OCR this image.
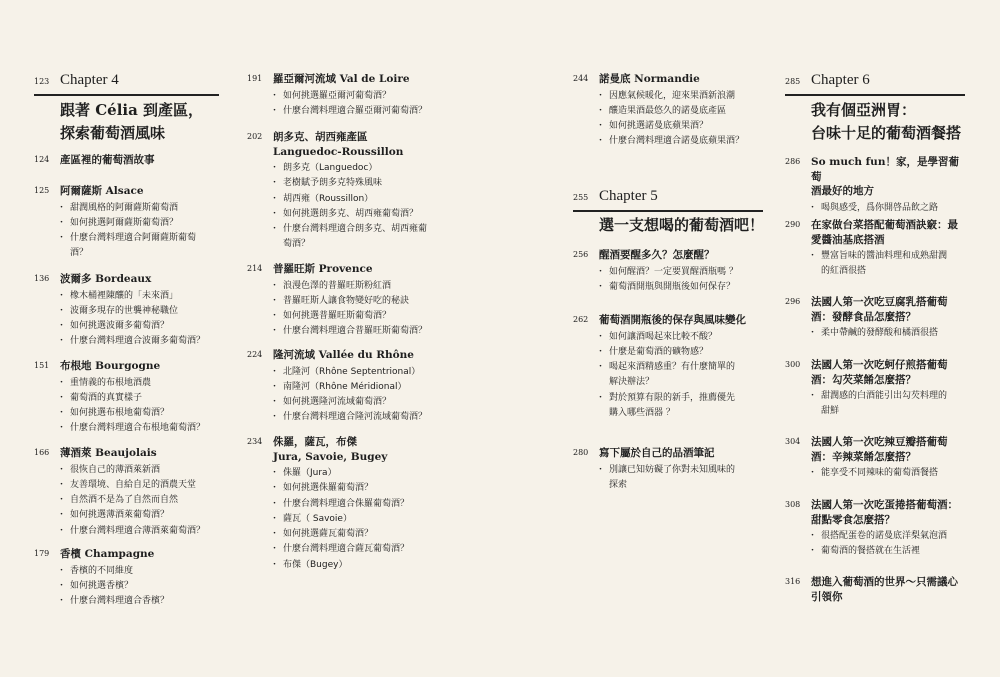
123 Chapter 4
跟著 Célia 到產區，
探索葡萄酒風味
124	產區裡的葡萄酒故事
125	阿爾薩斯 Alsace
・ 甜潤風格的阿爾薩斯葡萄酒
・ 如何挑選阿爾薩斯葡萄酒？
・ 什麼台灣料理適合阿爾薩斯葡萄
酒？
136	波爾多 Bordeaux
・ 橡木桶裡陳釀的「未來酒」
・ 波爾多現存的世襲神秘職位
・ 如何挑選波爾多葡萄酒？
・ 什麼台灣料理適合波爾多葡萄酒？
151	布根地 Bourgogne
・ 重情義的布根地酒農
・ 葡萄酒的真實樣子
・ 如何挑選布根地葡萄酒？
・ 什麼台灣料理適合布根地葡萄酒？
166	薄酒萊 Beaujolais
・ 很恢自己的薄酒萊新酒
・ 友善環境、自給自足的酒農天堂
・ 自然酒不是為了自然而自然
・ 如何挑選薄酒萊葡萄酒？
・ 什麼台灣料理適合薄酒萊葡萄酒？
179	香檳 Champagne
・ 香檳的不同維度
・ 如何挑選香檳？
・ 什麼台灣料理適合香檳？
191	羅亞爾河流域 Val de Loire
・ 如何挑選羅亞爾河葡萄酒？
・ 什麼台灣料理適合羅亞爾河葡萄酒？
202	朗多克、胡西雍產區
Languedoc-Roussillon
・ 朗多克（Languedoc）
・ 老樹賦予朗多克特殊風味
・ 胡西雍（Roussillon）
・ 如何挑選朗多克、胡西雍葡萄酒？
・ 什麼台灣料理適合朗多克、胡西雍葡
萄酒？
214	普羅旺斯 Provence
・ 浪漫色澤的普羅旺斯粉紅酒
・ 普羅旺斯人讓食物變好吃的秘訣
・ 如何挑選普羅旺斯葡萄酒？
・ 什麼台灣料理適合普羅旺斯葡萄酒？
224	隆河流域 Vallée du Rhône
・ 北隆河（Rhône Septentrional）
・ 南隆河（Rhône Méridional）
・ 如何挑選隆河流域葡萄酒？
・ 什麼台灣料理適合隆河流域葡萄酒？
234	侏羅，薩瓦，布傑
Jura, Savoie, Bugey
・ 侏羅（Jura）
・ 如何挑選侏羅葡萄酒？
・ 什麼台灣料理適合侏羅葡萄酒？
・ 薩瓦（ Savoie）
・ 如何挑選薩瓦葡萄酒？
・ 什麼台灣料理適合薩瓦葡萄酒？
・ 布傑（Bugey）
244	諾曼底 Normandie
・ 因應氣候暖化，迎來果酒新浪潮
・ 釀造果酒最悠久的諾曼底產區
・ 如何挑選諾曼底蘋果酒？
・ 什麼台灣料理適合諾曼底蘋果酒？
255 Chapter 5
選一支想喝的葡萄酒吧！
256	醒酒要醒多久？怎麼醒？
・ 如何醒酒？一定要買醒酒瓶嗎 ？
・ 葡萄酒開瓶與開瓶後如何保存？
262	葡萄酒開瓶後的保存與風味變化
・ 如何讓酒喝起來比較不酸？
・ 什麼是葡萄酒的礦物感？
・ 喝起來酒精感重？有什麼簡單的
解決辦法？
・ 對於預算有限的新手，推薦優先
購入哪些酒器 ？
280	寫下屬於自己的品酒筆記
・ 別讓已知妨礙了你對未知風味的
探索
285 Chapter 6
我有個亞洲胃：
台味十足的葡萄酒餐搭
286	So much fun！家，是學習葡萄
酒最好的地方
・ 喝與感受，爲你開啓品飲之路
290	在家做台菜搭配葡萄酒訣竅：最
愛醬油基底搭酒
・ 豐富旨味的醬油料理和成熟甜潤
的紅酒很搭
296	法國人第一次吃豆腐乳搭葡萄
酒：發酵食品怎麼搭？
・ 柔中帶鹹的發酵酸和橘酒很搭
300	法國人第一次吃蚵仔煎搭葡萄
酒：勾芡菜餚怎麼搭？
・ 甜潤感的白酒能引出勾芡料理的
甜鮮
304	法國人第一次吃辣豆瓣搭葡萄
酒：辛辣菜餚怎麼搭？
・ 能享受不同辣味的葡萄酒餐搭
308	法國人第一次吃蛋捲搭葡萄酒：
甜點零食怎麼搭？
・ 很搭配蛋卷的諾曼底洋梨氣泡酒
・ 葡萄酒的餐搭就在生活裡
316	想進入葡萄酒的世界～只需議心
引領你
